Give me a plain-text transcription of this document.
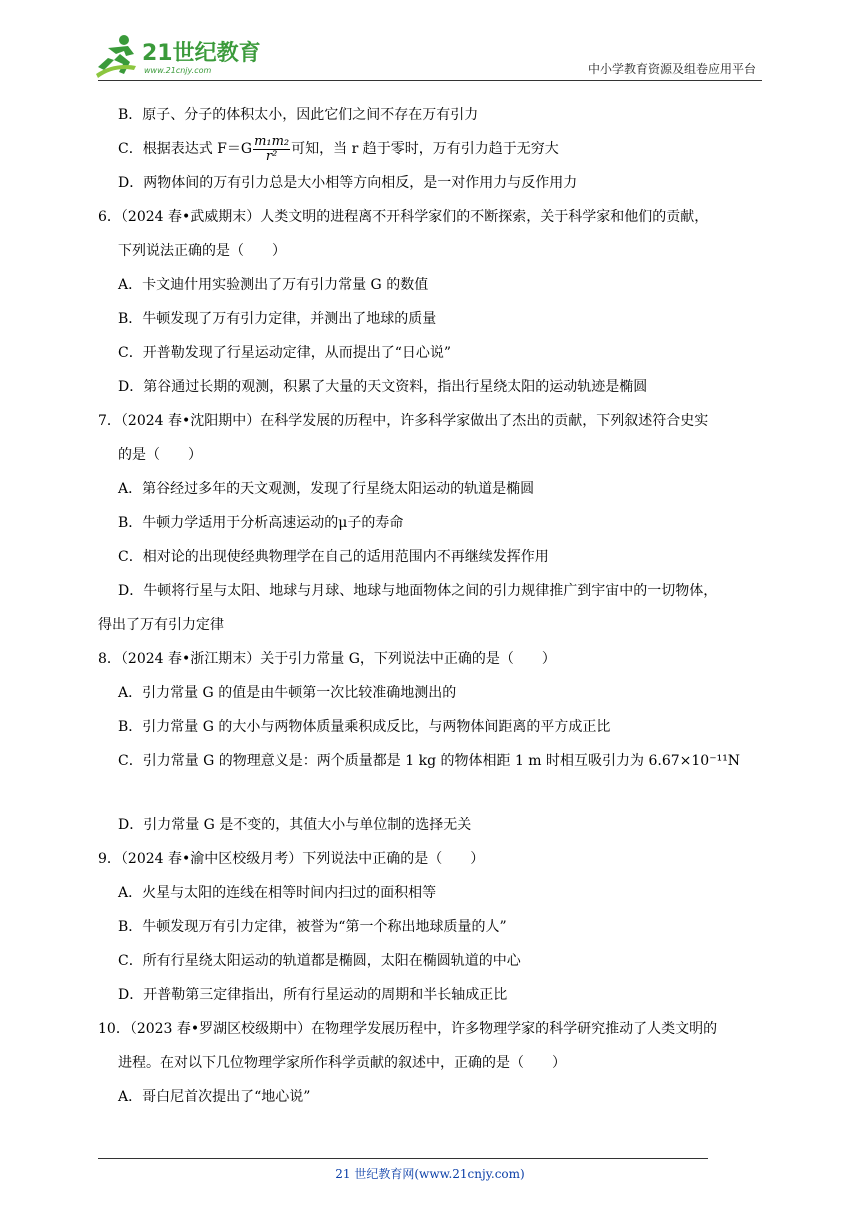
21世纪教育
www.21cnjy.com	中小学教育资源及组卷应用平台
B．原子、分子的体积太小，因此它们之间不存在万有引力
C．根据表达式 $F=G \frac{\text{m₁m₂}}{\text{r²}}$ 可知，当 r 趋于零时，万有引力趋于无穷大
D．两物体间的万有引力总是大小相等方向相反，是一对作用力与反作用力
6．（2024 春•武威期末）人类文明的进程离不开科学家们的不断探索，关于科学家和他们的贡献，
下列说法正确的是（　　）
A．卡文迪什用实验测出了万有引力常量 G 的数值
B．牛顿发现了万有引力定律，并测出了地球的质量
C．开普勒发现了行星运动定律，从而提出了“日心说”
D．第谷通过长期的观测，积累了大量的天文资料，指出行星绕太阳的运动轨迹是椭圆
7．（2024 春•沈阳期中）在科学发展的历程中，许多科学家做出了杰出的贡献，下列叙述符合史实
的是（　　）
A．第谷经过多年的天文观测，发现了行星绕太阳运动的轨道是椭圆
B．牛顿力学适用于分析高速运动的μ子的寿命
C．相对论的出现使经典物理学在自己的适用范围内不再继续发挥作用
D．牛顿将行星与太阳、地球与月球、地球与地面物体之间的引力规律推广到宇宙中的一切物体，
得出了万有引力定律
8．（2024 春•浙江期末）关于引力常量 G，下列说法中正确的是（　　）
A．引力常量 G 的值是由牛顿第一次比较准确地测出的
B．引力常量 G 的大小与两物体质量乘积成反比，与两物体间距离的平方成正比
C．引力常量 G 的物理意义是：两个质量都是 1 kg 的物体相距 1 m 时相互吸引力为 6.67×10⁻¹¹N
D．引力常量 G 是不变的，其值大小与单位制的选择无关
9．（2024 春•渝中区校级月考）下列说法中正确的是（　　）
A．火星与太阳的连线在相等时间内扫过的面积相等
B．牛顿发现万有引力定律，被誉为“第一个称出地球质量的人”
C．所有行星绕太阳运动的轨道都是椭圆，太阳在椭圆轨道的中心
D．开普勒第三定律指出，所有行星运动的周期和半长轴成正比
10．（2023 春•罗湖区校级期中）在物理学发展历程中，许多物理学家的科学研究推动了人类文明的
进程。在对以下几位物理学家所作科学贡献的叙述中，正确的是（　　）
A．哥白尼首次提出了“地心说”
21 世纪教育网(www.21cnjy.com)
